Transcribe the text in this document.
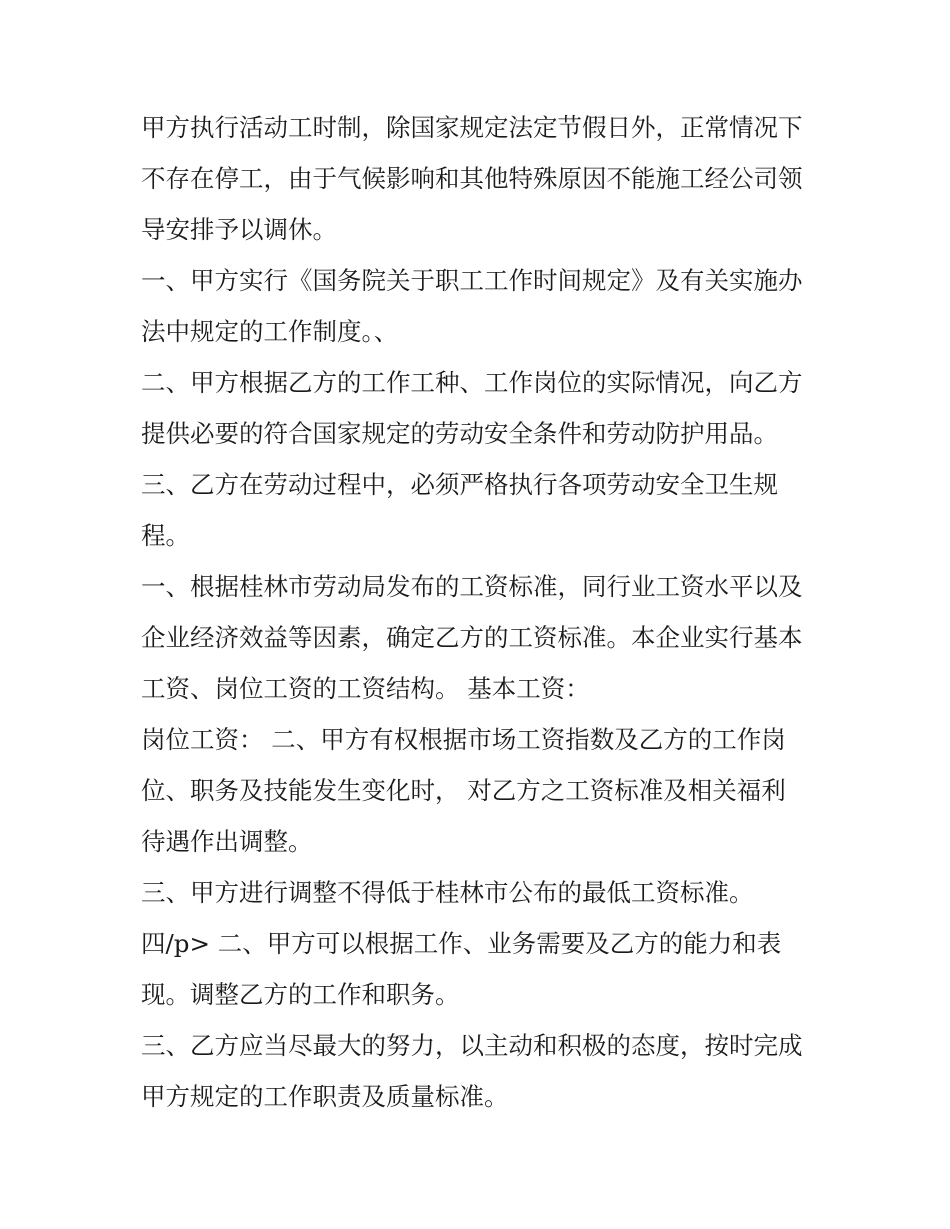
甲方执行活动工时制，除国家规定法定节假日外，正常情况下

不存在停工，由于气候影响和其他特殊原因不能施工经公司领

导安排予以调休。

一、甲方实行《国务院关于职工工作时间规定》及有关实施办

法中规定的工作制度。、

二、甲方根据乙方的工作工种、工作岗位的实际情况，向乙方

提供必要的符合国家规定的劳动安全条件和劳动防护用品。

三、乙方在劳动过程中，必须严格执行各项劳动安全卫生规

程。

一、根据桂林市劳动局发布的工资标准，同行业工资水平以及

企业经济效益等因素，确定乙方的工资标准。本企业实行基本

工资、岗位工资的工资结构。 基本工资：

岗位工资： 二、甲方有权根据市场工资指数及乙方的工作岗

位、职务及技能发生变化时， 对乙方之工资标准及相关福利

待遇作出调整。

三、甲方进行调整不得低于桂林市公布的最低工资标准。

四/p> 二、甲方可以根据工作、业务需要及乙方的能力和表

现。调整乙方的工作和职务。

三、乙方应当尽最大的努力，以主动和积极的态度，按时完成

甲方规定的工作职责及质量标准。
